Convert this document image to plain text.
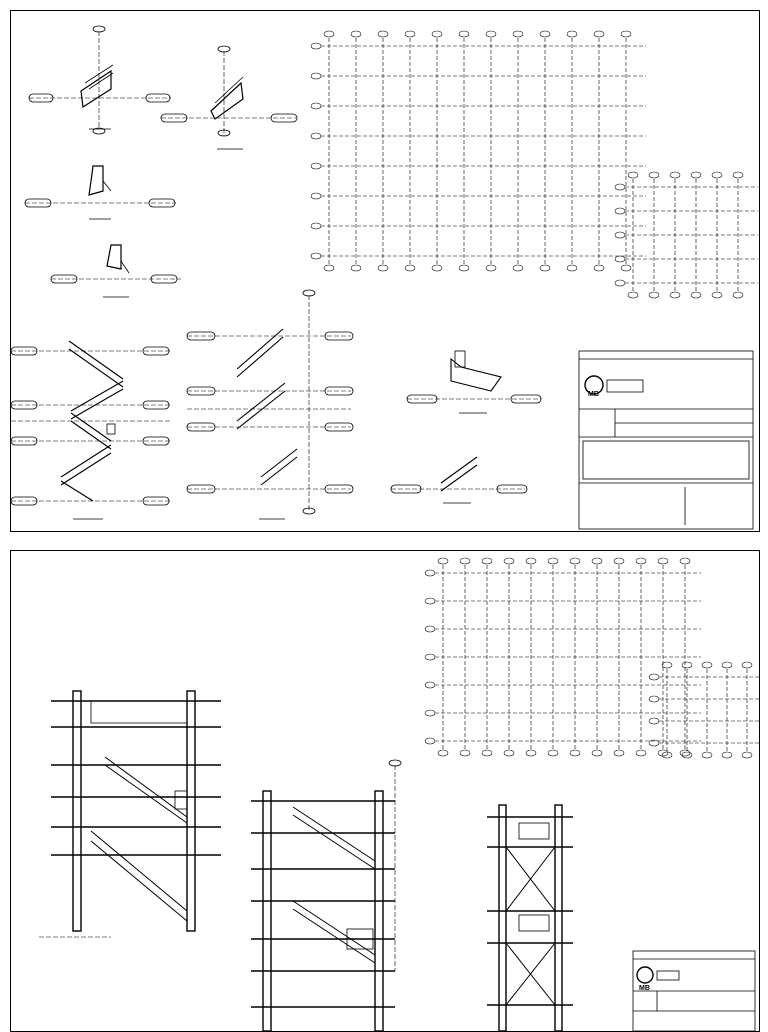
MB
MB
